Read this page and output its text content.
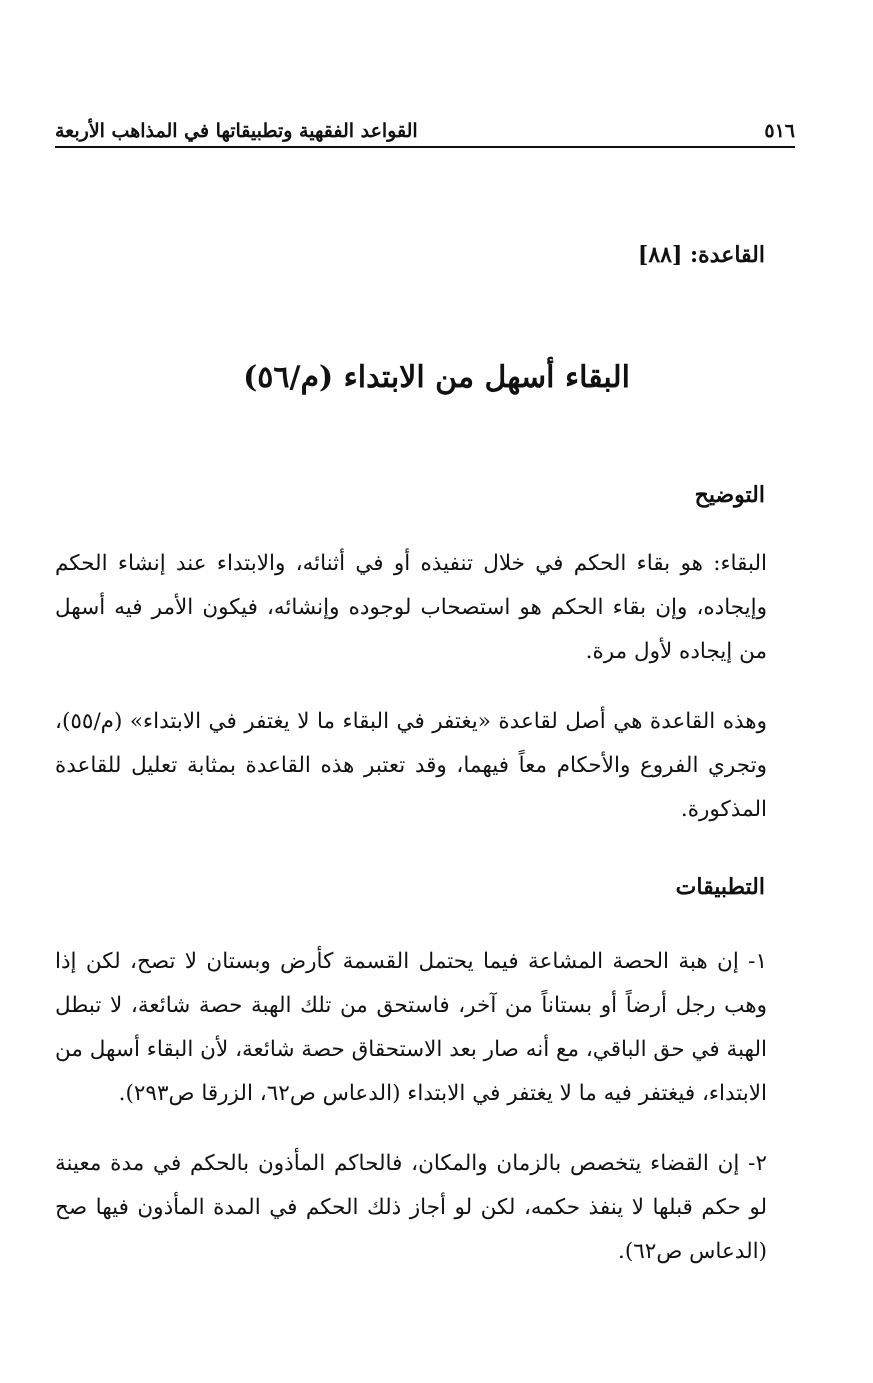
٥١٦
القواعد الفقهية وتطبيقاتها في المذاهب الأربعة
القاعدة: [٨٨]
البقاء أسهل من الابتداء (م/٥٦)
التوضيح

البقاء: هو بقاء الحكم في خلال تنفيذه أو في أثنائه، والابتداء عند إنشاء الحكم وإيجاده، وإن بقاء الحكم هو استصحاب لوجوده وإنشائه، فيكون الأمر فيه أسهل من إيجاده لأول مرة.

وهذه القاعدة هي أصل لقاعدة «يغتفر في البقاء ما لا يغتفر في الابتداء» (م/٥٥)، وتجري الفروع والأحكام معاً فيهما، وقد تعتبر هذه القاعدة بمثابة تعليل للقاعدة المذكورة.

التطبيقات

١- إن هبة الحصة المشاعة فيما يحتمل القسمة كأرض وبستان لا تصح، لكن إذا وهب رجل أرضاً أو بستاناً من آخر، فاستحق من تلك الهبة حصة شائعة، لا تبطل الهبة في حق الباقي، مع أنه صار بعد الاستحقاق حصة شائعة، لأن البقاء أسهل من الابتداء، فيغتفر فيه ما لا يغتفر في الابتداء (الدعاس ص٦٢، الزرقا ص٢٩٣).

٢- إن القضاء يتخصص بالزمان والمكان، فالحاكم المأذون بالحكم في مدة معينة لو حكم قبلها لا ينفذ حكمه، لكن لو أجاز ذلك الحكم في المدة المأذون فيها صح (الدعاس ص٦٢).
